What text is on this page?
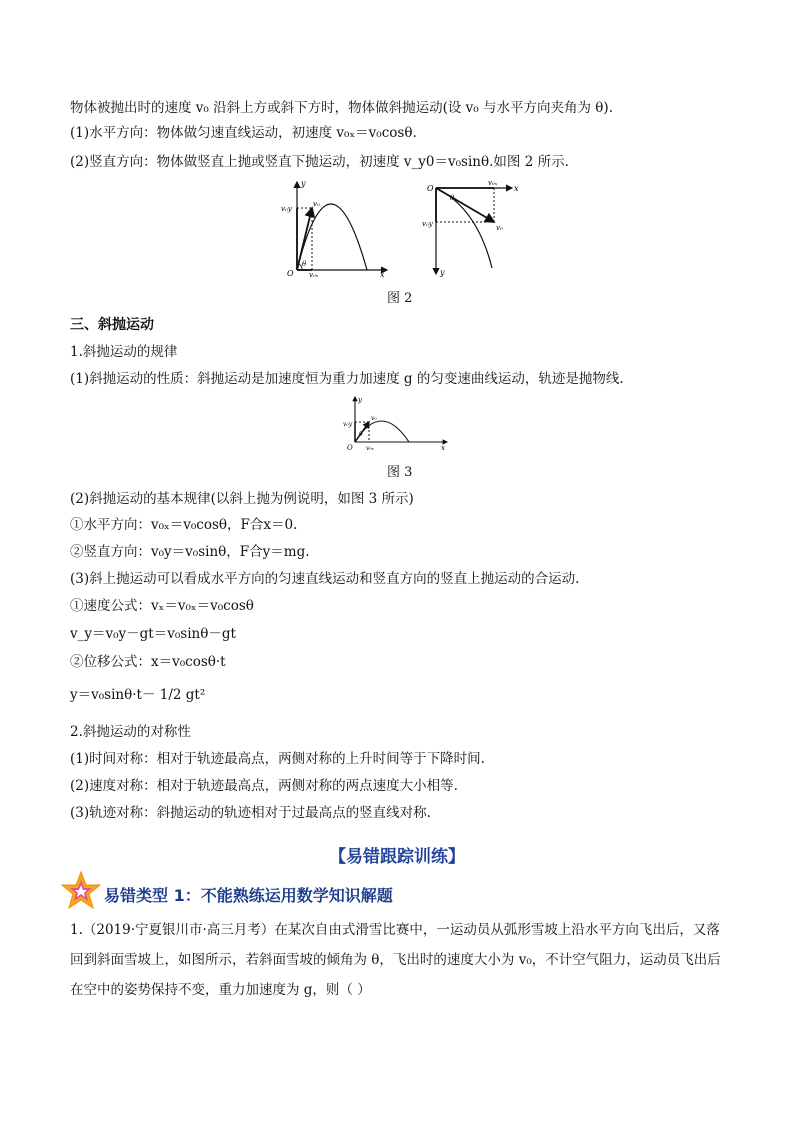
物体被抛出时的速度 v₀ 沿斜上方或斜下方时，物体做斜抛运动(设 v₀ 与水平方向夹角为 θ).
(1)水平方向：物体做匀速直线运动，初速度 v₀ₓ＝v₀cosθ.
(2)竖直方向：物体做竖直上抛或竖直下抛运动，初速度 v_y0＝v₀sinθ.如图 2 所示.
y
x
O
θ
v₀
v₀y
v₀ₓ
O	x
y
θ
v₀ₓ
v₀y	v₀
图 2
三、斜抛运动
1.斜抛运动的规律
(1)斜抛运动的性质：斜抛运动是加速度恒为重力加速度 g 的匀变速曲线运动，轨迹是抛物线.
y
x
O
θ
v₀
v₀y
v₀ₓ
图 3
(2)斜抛运动的基本规律(以斜上抛为例说明，如图 3 所示)
①水平方向：v₀ₓ＝v₀cosθ，F合x＝0.
②竖直方向：v₀y＝v₀sinθ，F合y＝mg.
(3)斜上抛运动可以看成水平方向的匀速直线运动和竖直方向的竖直上抛运动的合运动.
①速度公式：vₓ＝v₀ₓ＝v₀cosθ
v_y＝v₀y－gt＝v₀sinθ－gt
②位移公式：x＝v₀cosθ·t
y＝v₀sinθ·t－ 1/2 gt²
2.斜抛运动的对称性
(1)时间对称：相对于轨迹最高点，两侧对称的上升时间等于下降时间.
(2)速度对称：相对于轨迹最高点，两侧对称的两点速度大小相等.
(3)轨迹对称：斜抛运动的轨迹相对于过最高点的竖直线对称.
【易错跟踪训练】
易错类型 1：不能熟练运用数学知识解题
1.（2019·宁夏银川市·高三月考）在某次自由式滑雪比赛中，一运动员从弧形雪坡上沿水平方向飞出后，又落回到斜面雪坡上，如图所示，若斜面雪坡的倾角为 θ，飞出时的速度大小为 v₀，不计空气阻力，运动员飞出后在空中的姿势保持不变，重力加速度为 g，则（ ）
